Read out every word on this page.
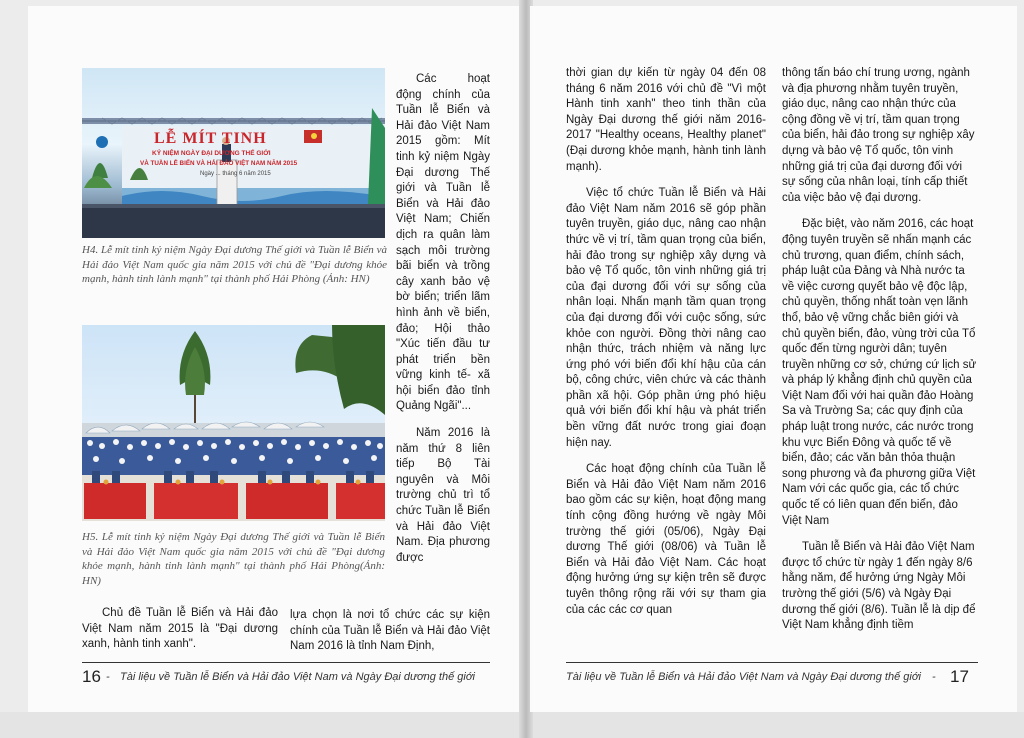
LỄ MÍT TINH
KỶ NIỆM NGÀY ĐẠI DƯƠNG THẾ GIỚI
VÀ TUẦN LỄ BIỂN VÀ HẢI ĐẢO VIỆT NAM NĂM 2015
Ngày ... tháng 6 năm 2015
H4. Lễ mít tinh kỷ niệm Ngày Đại dương Thế giới và Tuần lễ Biển và Hải đảo Việt Nam quốc gia năm 2015 với chủ đề "Đại dương khỏe mạnh, hành tinh lành mạnh" tại thành phố Hải Phòng (Ảnh: HN)
H5. Lễ mít tinh kỷ niệm Ngày Đại dương Thế giới và Tuần lễ Biển và Hải đảo Việt Nam quốc gia năm 2015 với chủ đề "Đại dương khỏe mạnh, hành tinh lành mạnh" tại thành phố Hải Phòng(Ảnh: HN)

Các hoạt động chính của Tuần lễ Biển và Hải đảo Việt Nam 2015 gồm: Mít tinh kỷ niệm Ngày Đại dương Thế giới và Tuần lễ Biển và Hải đảo Việt Nam; Chiến dịch ra quân làm sạch môi trường bãi biển và trồng cây xanh bảo vệ bờ biển; triển lãm hình ảnh về biển, đảo; Hội thảo "Xúc tiến đầu tư phát triển bền vững kinh tế- xã hội biển đảo tỉnh Quảng Ngãi"...

Năm 2016 là năm thứ 8 liên tiếp Bộ Tài nguyên và Môi trường chủ trì tổ chức Tuần lễ Biển và Hải đảo Việt Nam. Địa phương được

Chủ đề Tuần lễ Biển và Hải đảo Việt Nam năm 2015 là "Đại dương xanh, hành tinh xanh".

lựa chọn là nơi tổ chức các sự kiện chính của Tuần lễ Biển và Hải đảo Việt Nam 2016 là tỉnh Nam Định,

16 - Tài liệu về Tuần lễ Biển và Hải đảo Việt Nam và Ngày Đại dương thế giới

thời gian dự kiến từ ngày 04 đến 08 tháng 6 năm 2016 với chủ đề "Vì một Hành tinh xanh" theo tinh thần của Ngày Đại dương thế giới năm 2016-2017 "Healthy oceans, Healthy planet" (Đại dương khỏe mạnh, hành tinh lành mạnh).

Việc tổ chức Tuần lễ Biển và Hải đảo Việt Nam năm 2016 sẽ góp phần tuyên truyền, giáo dục, nâng cao nhận thức về vị trí, tầm quan trọng của biển, hải đảo trong sự nghiệp xây dựng và bảo vệ Tổ quốc, tôn vinh những giá trị của đại dương đối với sự sống của nhân loại. Nhấn mạnh tầm quan trọng của đại dương đối với cuộc sống, sức khỏe con người. Đồng thời nâng cao nhận thức, trách nhiệm và năng lực ứng phó với biến đổi khí hậu của cán bộ, công chức, viên chức và các thành phần xã hội. Góp phần ứng phó hiệu quả với biến đổi khí hậu và phát triển bền vững đất nước trong giai đoạn hiện nay.

Các hoạt động chính của Tuần lễ Biển và Hải đảo Việt Nam năm 2016 bao gồm các sự kiện, hoạt động mang tính cộng đồng hướng về ngày Môi trường thế giới (05/06), Ngày Đại dương Thế giới (08/06) và Tuần lễ Biển và Hải đảo Việt Nam. Các hoạt động hưởng ứng sự kiện trên sẽ được tuyên thông rộng rãi với sự tham gia của các các cơ quan

thông tấn báo chí trung ương, ngành và địa phương nhằm tuyên truyền, giáo dục, nâng cao nhận thức của cộng đồng về vị trí, tầm quan trọng của biển, hải đảo trong sự nghiệp xây dựng và bảo vệ Tổ quốc, tôn vinh những giá trị của đại dương đối với sự sống của nhân loại, tính cấp thiết của việc bảo vệ đại dương.

Đặc biệt, vào năm 2016, các hoạt động tuyên truyền sẽ nhấn mạnh các chủ trương, quan điểm, chính sách, pháp luật của Đảng và Nhà nước ta về việc cương quyết bảo vệ độc lập, chủ quyền, thống nhất toàn vẹn lãnh thổ, bảo vệ vững chắc biên giới và chủ quyền biển, đảo, vùng trời của Tổ quốc đến từng người dân; tuyên truyền những cơ sở, chứng cứ lịch sử và pháp lý khẳng định chủ quyền của Việt Nam đối với hai quần đảo Hoàng Sa và Trường Sa; các quy định của pháp luật trong nước, các nước trong khu vực Biển Đông và quốc tế về biển, đảo; các văn bản thỏa thuận song phương và đa phương giữa Việt Nam với các quốc gia, các tổ chức quốc tế có liên quan đến biển, đảo Việt Nam

Tuần lễ Biển và Hải đảo Việt Nam được tổ chức từ ngày 1 đến ngày 8/6 hằng năm, để hưởng ứng Ngày Môi trường thế giới (5/6) và Ngày Đại dương thế giới (8/6). Tuần lễ là dịp để Việt Nam khẳng định tiềm

Tài liệu về Tuần lễ Biển và Hải đảo Việt Nam và Ngày Đại dương thế giới - 17
